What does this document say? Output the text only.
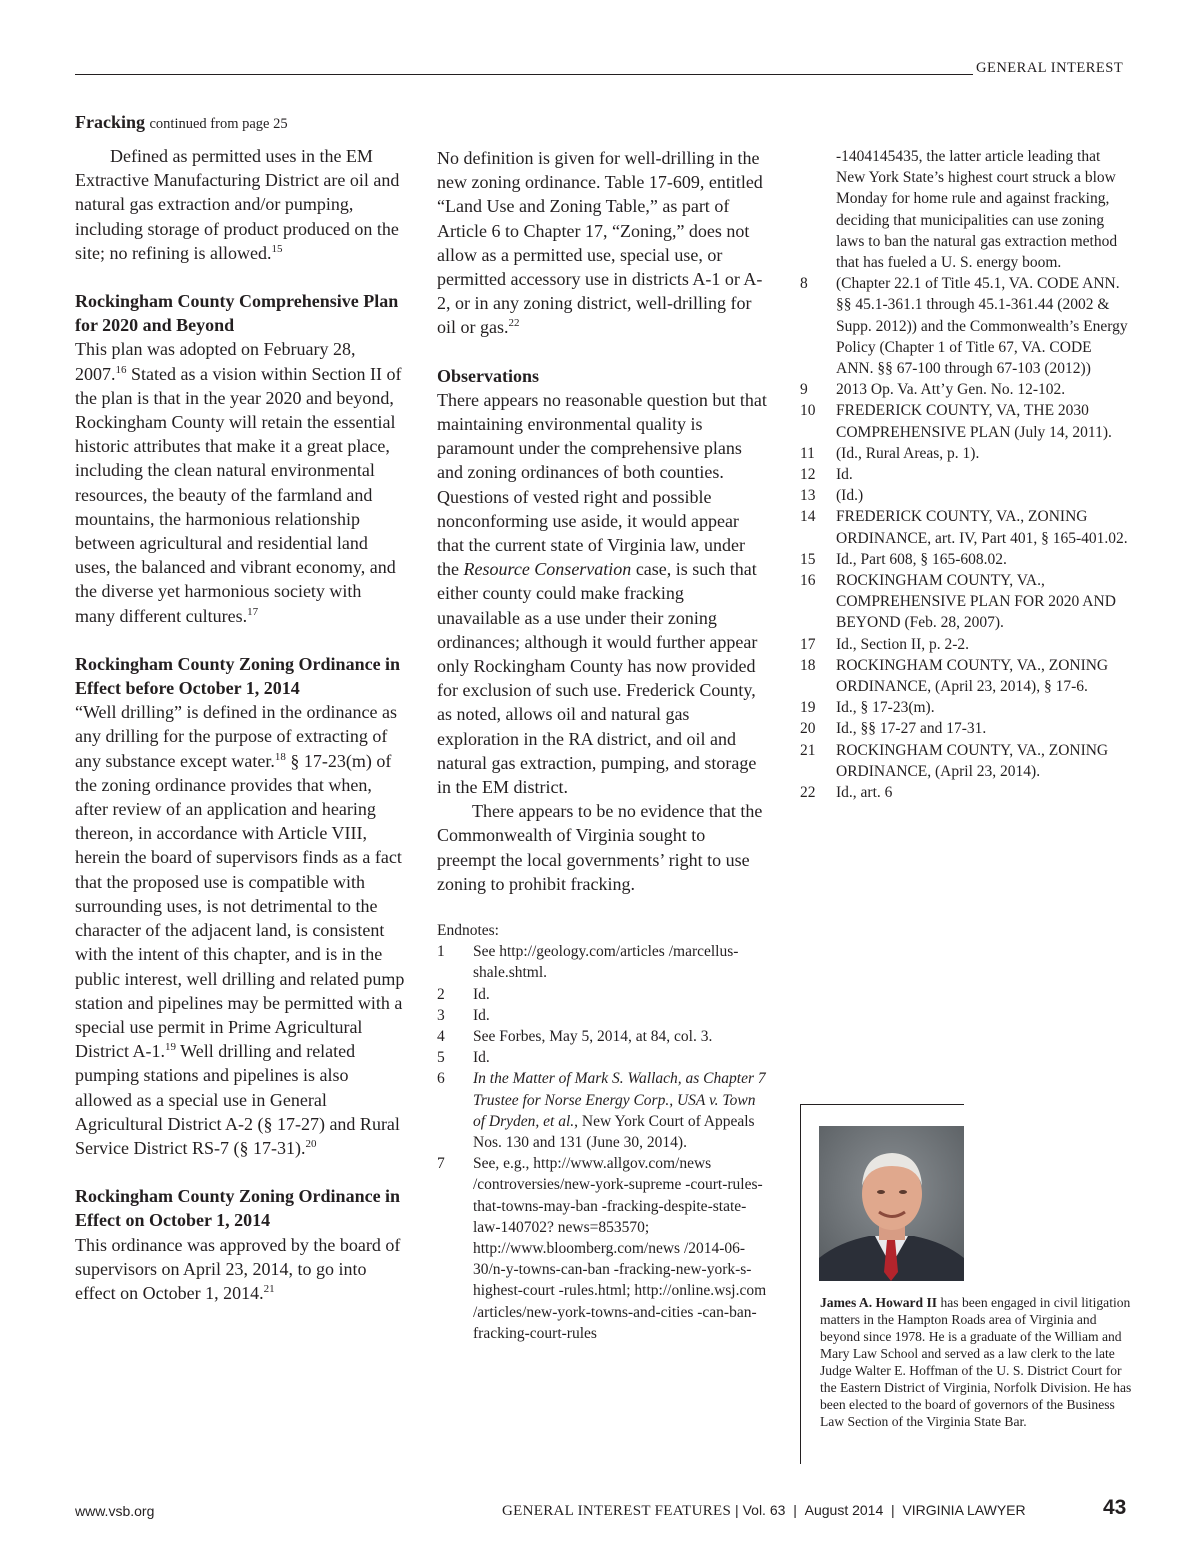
GENERAL INTEREST
Fracking continued from page 25

Defined as permitted uses in the EM Extractive Manufacturing District are oil and natural gas extraction and/or pumping, including storage of product produced on the site; no refining is allowed.$^{15}$

Rockingham County Comprehensive Plan for 2020 and Beyond

This plan was adopted on February 28, 2007.16 Stated as a vision within Section II of the plan is that in the year 2020 and beyond, Rockingham County will retain the essential historic attributes that make it a great place, including the clean natural environmental resources, the beauty of the farmland and mountains, the harmonious relationship between agricultural and residential land uses, the balanced and vibrant economy, and the diverse yet harmonious society with many different cultures.$^{17}$

Rockingham County Zoning Ordinance in Effect before October 1, 2014

“Well drilling” is defined in the ordinance as any drilling for the purpose of extracting of any substance except water.$^{18}$ § 17-23(m) of the zoning ordinance provides that when, after review of an application and hearing thereon, in accordance with Article VIII, herein the board of supervisors finds as a fact that the proposed use is compatible with surrounding uses, is not detrimental to the character of the adjacent land, is consistent with the intent of this chapter, and is in the public interest, well drilling and related pump station and pipelines may be permitted with a special use permit in Prime Agricultural District A-1.19 Well drilling and related pumping stations and pipelines is also allowed as a special use in General Agricultural District A-2 (§ 17-27) and Rural Service District RS-7 (§ 17-31).$^{20}$

Rockingham County Zoning Ordinance in Effect on October 1, 2014

This ordinance was approved by the board of supervisors on April 23, 2014, to go into effect on October 1, 2014.21

No definition is given for well-drilling in the new zoning ordinance. Table 17-609, entitled “Land Use and Zoning Table,” as part of Article 6 to Chapter 17, “Zoning,” does not allow as a permitted use, special use, or permitted accessory use in districts A-1 or A-2, or in any zoning district, well-drilling for oil or gas.$^{22}$

Observations

There appears no reasonable question but that maintaining environmental quality is paramount under the comprehensive plans and zoning ordinances of both counties. Questions of vested right and possible nonconforming use aside, it would appear that the current state of Virginia law, under the Resource Conservation case, is such that either county could make fracking unavailable as a use under their zoning ordinances; although it would further appear only Rockingham County has now provided for exclusion of such use. Frederick County, as noted, allows oil and natural gas exploration in the RA district, and oil and natural gas extraction, pumping, and storage in the EM district.

There appears to be no evidence that the Commonwealth of Virginia sought to preempt the local governments’ right to use zoning to prohibit fracking.

Endnotes:
1	See http://geology.com/articles /marcellus-shale.shtml.
2	Id.
3	Id.
4	See Forbes, May 5, 2014, at 84, col. 3.
5	Id.
6	In the Matter of Mark S. Wallach, as Chapter 7 Trustee for Norse Energy Corp., USA v. Town of Dryden, et al., New York Court of Appeals Nos. 130 and 131 (June 30, 2014).
7	See, e.g., http://www.allgov.com/news /controversies/new-york-supreme -court-rules-that-towns-may-ban -fracking-despite-state-law-140702? news=853570; http://www.bloomberg.com/news /2014-06-30/n-y-towns-can-ban -fracking-new-york-s-highest-court -rules.html; http://online.wsj.com /articles/new-york-towns-and-cities -can-ban-fracking-court-rules

-1404145435, the latter article leading that New York State’s highest court struck a blow Monday for home rule and against fracking, deciding that municipalities can use zoning laws to ban the natural gas extraction method that has fueled a U. S. energy boom.

8	(Chapter 22.1 of Title 45.1, VA. CODE ANN. §§ 45.1-361.1 through 45.1-361.44 (2002 & Supp. 2012)) and the Commonwealth’s Energy Policy (Chapter 1 of Title 67, VA. CODE ANN. §§ 67-100 through 67-103 (2012))
9	2013 Op. Va. Att’y Gen. No. 12-102.
10	FREDERICK COUNTY, VA, THE 2030 COMPREHENSIVE PLAN (July 14, 2011).
11	(Id., Rural Areas, p. 1).
12	Id.
13	(Id.)
14	FREDERICK COUNTY, VA., ZONING ORDINANCE, art. IV, Part 401, § 165-401.02.
15	Id., Part 608, § 165-608.02.
16	ROCKINGHAM COUNTY, VA., COMPREHENSIVE PLAN FOR 2020 AND BEYOND (Feb. 28, 2007).
17	Id., Section II, p. 2-2.
18	ROCKINGHAM COUNTY, VA., ZONING ORDINANCE, (April 23, 2014), § 17-6.
19	Id., § 17-23(m).
20	Id., §§ 17-27 and 17-31.
21	ROCKINGHAM COUNTY, VA., ZONING ORDINANCE, (April 23, 2014).
22	Id., art. 6
James A. Howard II has been engaged in civil litigation matters in the Hampton Roads area of Virginia and beyond since 1978. He is a graduate of the William and Mary Law School and served as a law clerk to the late Judge Walter E. Hoffman of the U. S. District Court for the Eastern District of Virginia, Norfolk Division. He has been elected to the board of governors of the Business Law Section of the Virginia State Bar.
www.vsb.org	GENERAL INTEREST FEATURES | Vol. 63  |  August 2014  |  VIRGINIA LAWYER	43
